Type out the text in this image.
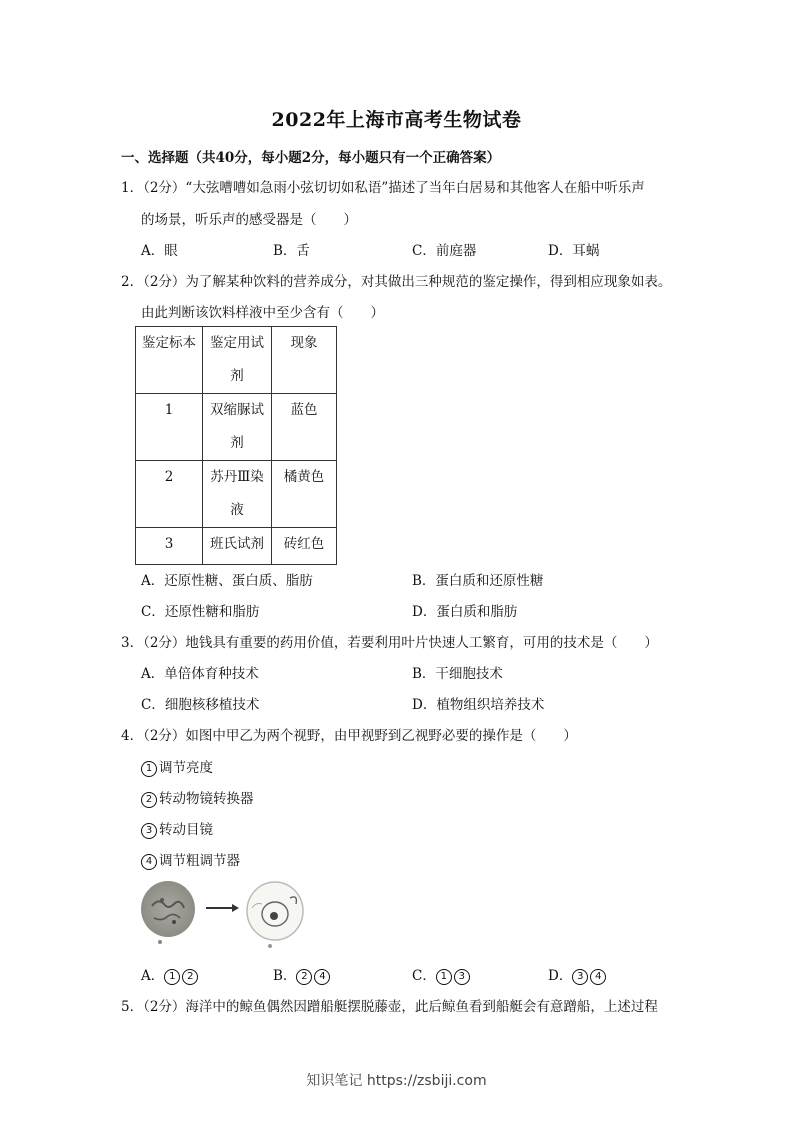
2022年上海市高考生物试卷
一、选择题（共40分，每小题2分，每小题只有一个正确答案）
1．（2分）“大弦嘈嘈如急雨小弦切切如私语”描述了当年白居易和其他客人在船中听乐声
的场景，听乐声的感受器是（　　）
A．眼	B．舌	C．前庭器	D．耳蜗
2．（2分）为了解某种饮料的营养成分，对其做出三种规范的鉴定操作，得到相应现象如表。
由此判断该饮料样液中至少含有（　　）
鉴定标本	鉴定用试剂	现象
1	双缩脲试剂	蓝色
2	苏丹Ⅲ染液	橘黄色
3	班氏试剂	砖红色
A．还原性糖、蛋白质、脂肪	B．蛋白质和还原性糖
C．还原性糖和脂肪	D．蛋白质和脂肪
3．（2分）地钱具有重要的药用价值，若要利用叶片快速人工繁育，可用的技术是（　　）
A．单倍体育种技术	B．干细胞技术
C．细胞核移植技术	D．植物组织培养技术
4．（2分）如图中甲乙为两个视野，由甲视野到乙视野必要的操作是（　　）
1 调节亮度
2 转动物镜转换器
3 转动目镜
4 调节粗调节器
A． 1 2	B． 2 4	C． 1 3	D． 3 4
5．（2分）海洋中的鲸鱼偶然因蹭船艇摆脱藤壶，此后鲸鱼看到船艇会有意蹭船，上述过程
知识笔记 https://zsbiji.com
